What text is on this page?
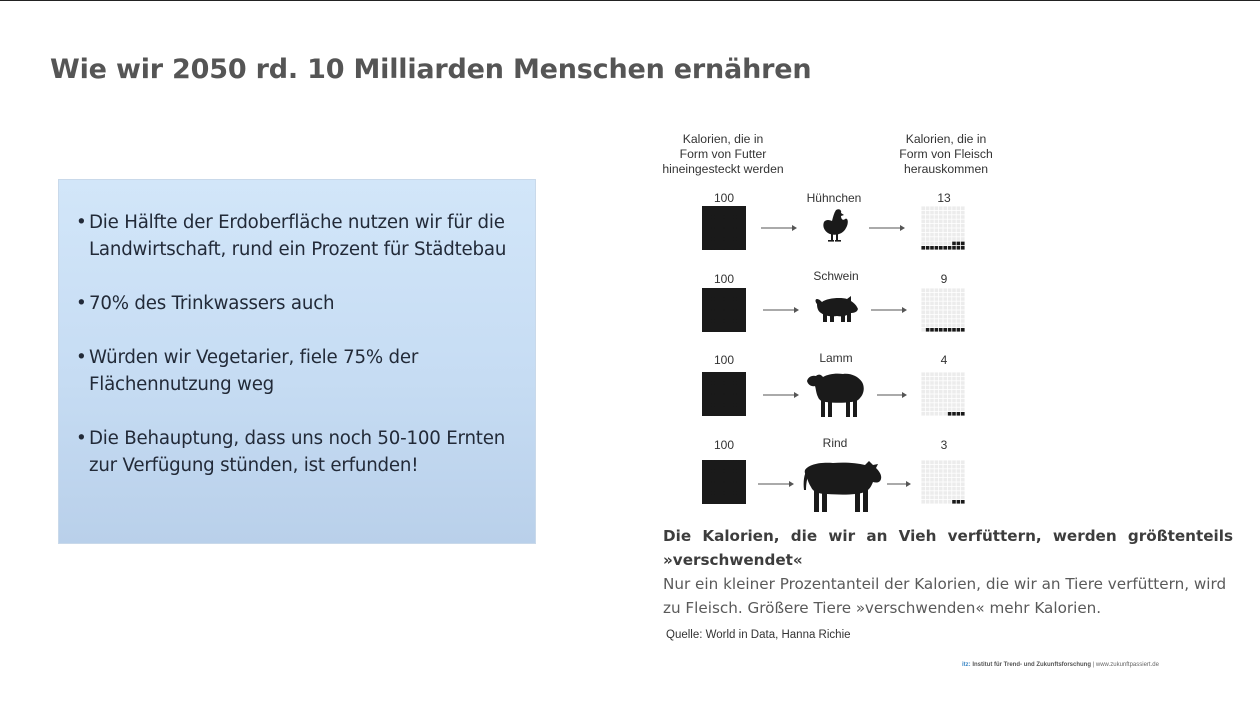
Wie wir 2050 rd. 10 Milliarden Menschen ernähren
• Die Hälfte der Erdoberfläche nutzen wir für die Landwirtschaft, rund ein Prozent für Städtebau
• 70% des Trinkwassers auch
• Würden wir Vegetarier, fiele 75% der Flächennutzung weg
• Die Behauptung, dass uns noch 50-100 Ernten zur Verfügung stünden, ist erfunden!
Kalorien, die in
Form von Futter
hineingesteckt werden
Kalorien, die in
Form von Fleisch
herauskommen
100	Hühnchen	13
100	Schwein	9
100	Lamm	4
100	Rind	3
Die Kalorien, die wir an Vieh verfüttern, werden größtenteils »verschwendet«
Nur ein kleiner Prozentanteil der Kalorien, die wir an Tiere verfüttern, wird zu Fleisch. Größere Tiere »verschwenden« mehr Kalorien.
Quelle: World in Data, Hanna Richie
itz: Institut für Trend- und Zukunftsforschung | www.zukunftpassiert.de
